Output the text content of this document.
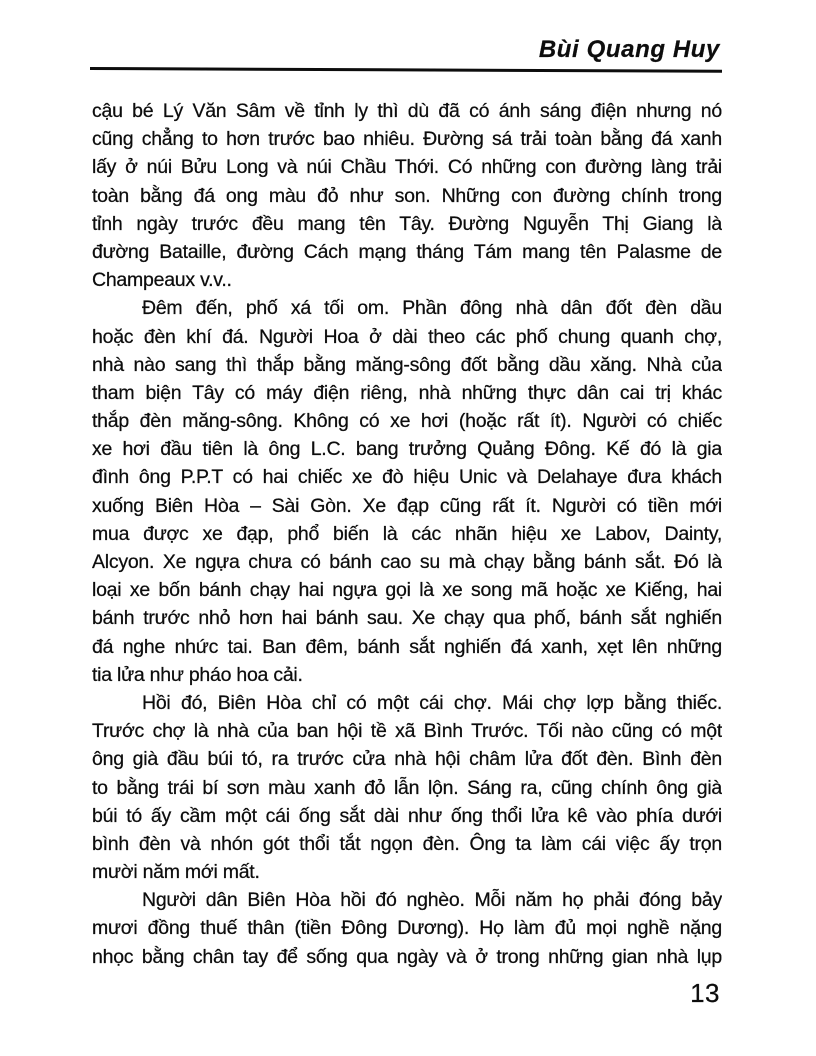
Bùi Quang Huy
cậu bé Lý Văn Sâm về tỉnh ly thì dù đã có ánh sáng điện nhưng nó
cũng chẳng to hơn trước bao nhiêu. Đường sá trải toàn bằng đá xanh
lấy ở núi Bửu Long và núi Chầu Thới. Có những con đường làng trải
toàn bằng đá ong màu đỏ như son. Những con đường chính trong
tỉnh ngày trước đều mang tên Tây. Đường Nguyễn Thị Giang là
đường Bataille, đường Cách mạng tháng Tám mang tên Palasme de
Champeaux v.v..
Đêm đến, phố xá tối om. Phần đông nhà dân đốt đèn dầu
hoặc đèn khí đá. Người Hoa ở dài theo các phố chung quanh chợ,
nhà nào sang thì thắp bằng măng-sông đốt bằng dầu xăng. Nhà của
tham biện Tây có máy điện riêng, nhà những thực dân cai trị khác
thắp đèn măng-sông. Không có xe hơi (hoặc rất ít). Người có chiếc
xe hơi đầu tiên là ông L.C. bang trưởng Quảng Đông. Kế đó là gia
đình ông P.P.T có hai chiếc xe đò hiệu Unic và Delahaye đưa khách
xuống Biên Hòa – Sài Gòn. Xe đạp cũng rất ít. Người có tiền mới
mua được xe đạp, phổ biến là các nhãn hiệu xe Labov, Dainty,
Alcyon. Xe ngựa chưa có bánh cao su mà chạy bằng bánh sắt. Đó là
loại xe bốn bánh chạy hai ngựa gọi là xe song mã hoặc xe Kiếng, hai
bánh trước nhỏ hơn hai bánh sau. Xe chạy qua phố, bánh sắt nghiến
đá nghe nhức tai. Ban đêm, bánh sắt nghiến đá xanh, xẹt lên những
tia lửa như pháo hoa cải.
Hồi đó, Biên Hòa chỉ có một cái chợ. Mái chợ lợp bằng thiếc.
Trước chợ là nhà của ban hội tề xã Bình Trước. Tối nào cũng có một
ông già đầu búi tó, ra trước cửa nhà hội châm lửa đốt đèn. Bình đèn
to bằng trái bí sơn màu xanh đỏ lẫn lộn. Sáng ra, cũng chính ông già
búi tó ấy cầm một cái ống sắt dài như ống thổi lửa kê vào phía dưới
bình đèn và nhón gót thổi tắt ngọn đèn. Ông ta làm cái việc ấy trọn
mười năm mới mất.
Người dân Biên Hòa hồi đó nghèo. Mỗi năm họ phải đóng bảy
mươi đồng thuế thân (tiền Đông Dương). Họ làm đủ mọi nghề nặng
nhọc bằng chân tay để sống qua ngày và ở trong những gian nhà lụp
13
